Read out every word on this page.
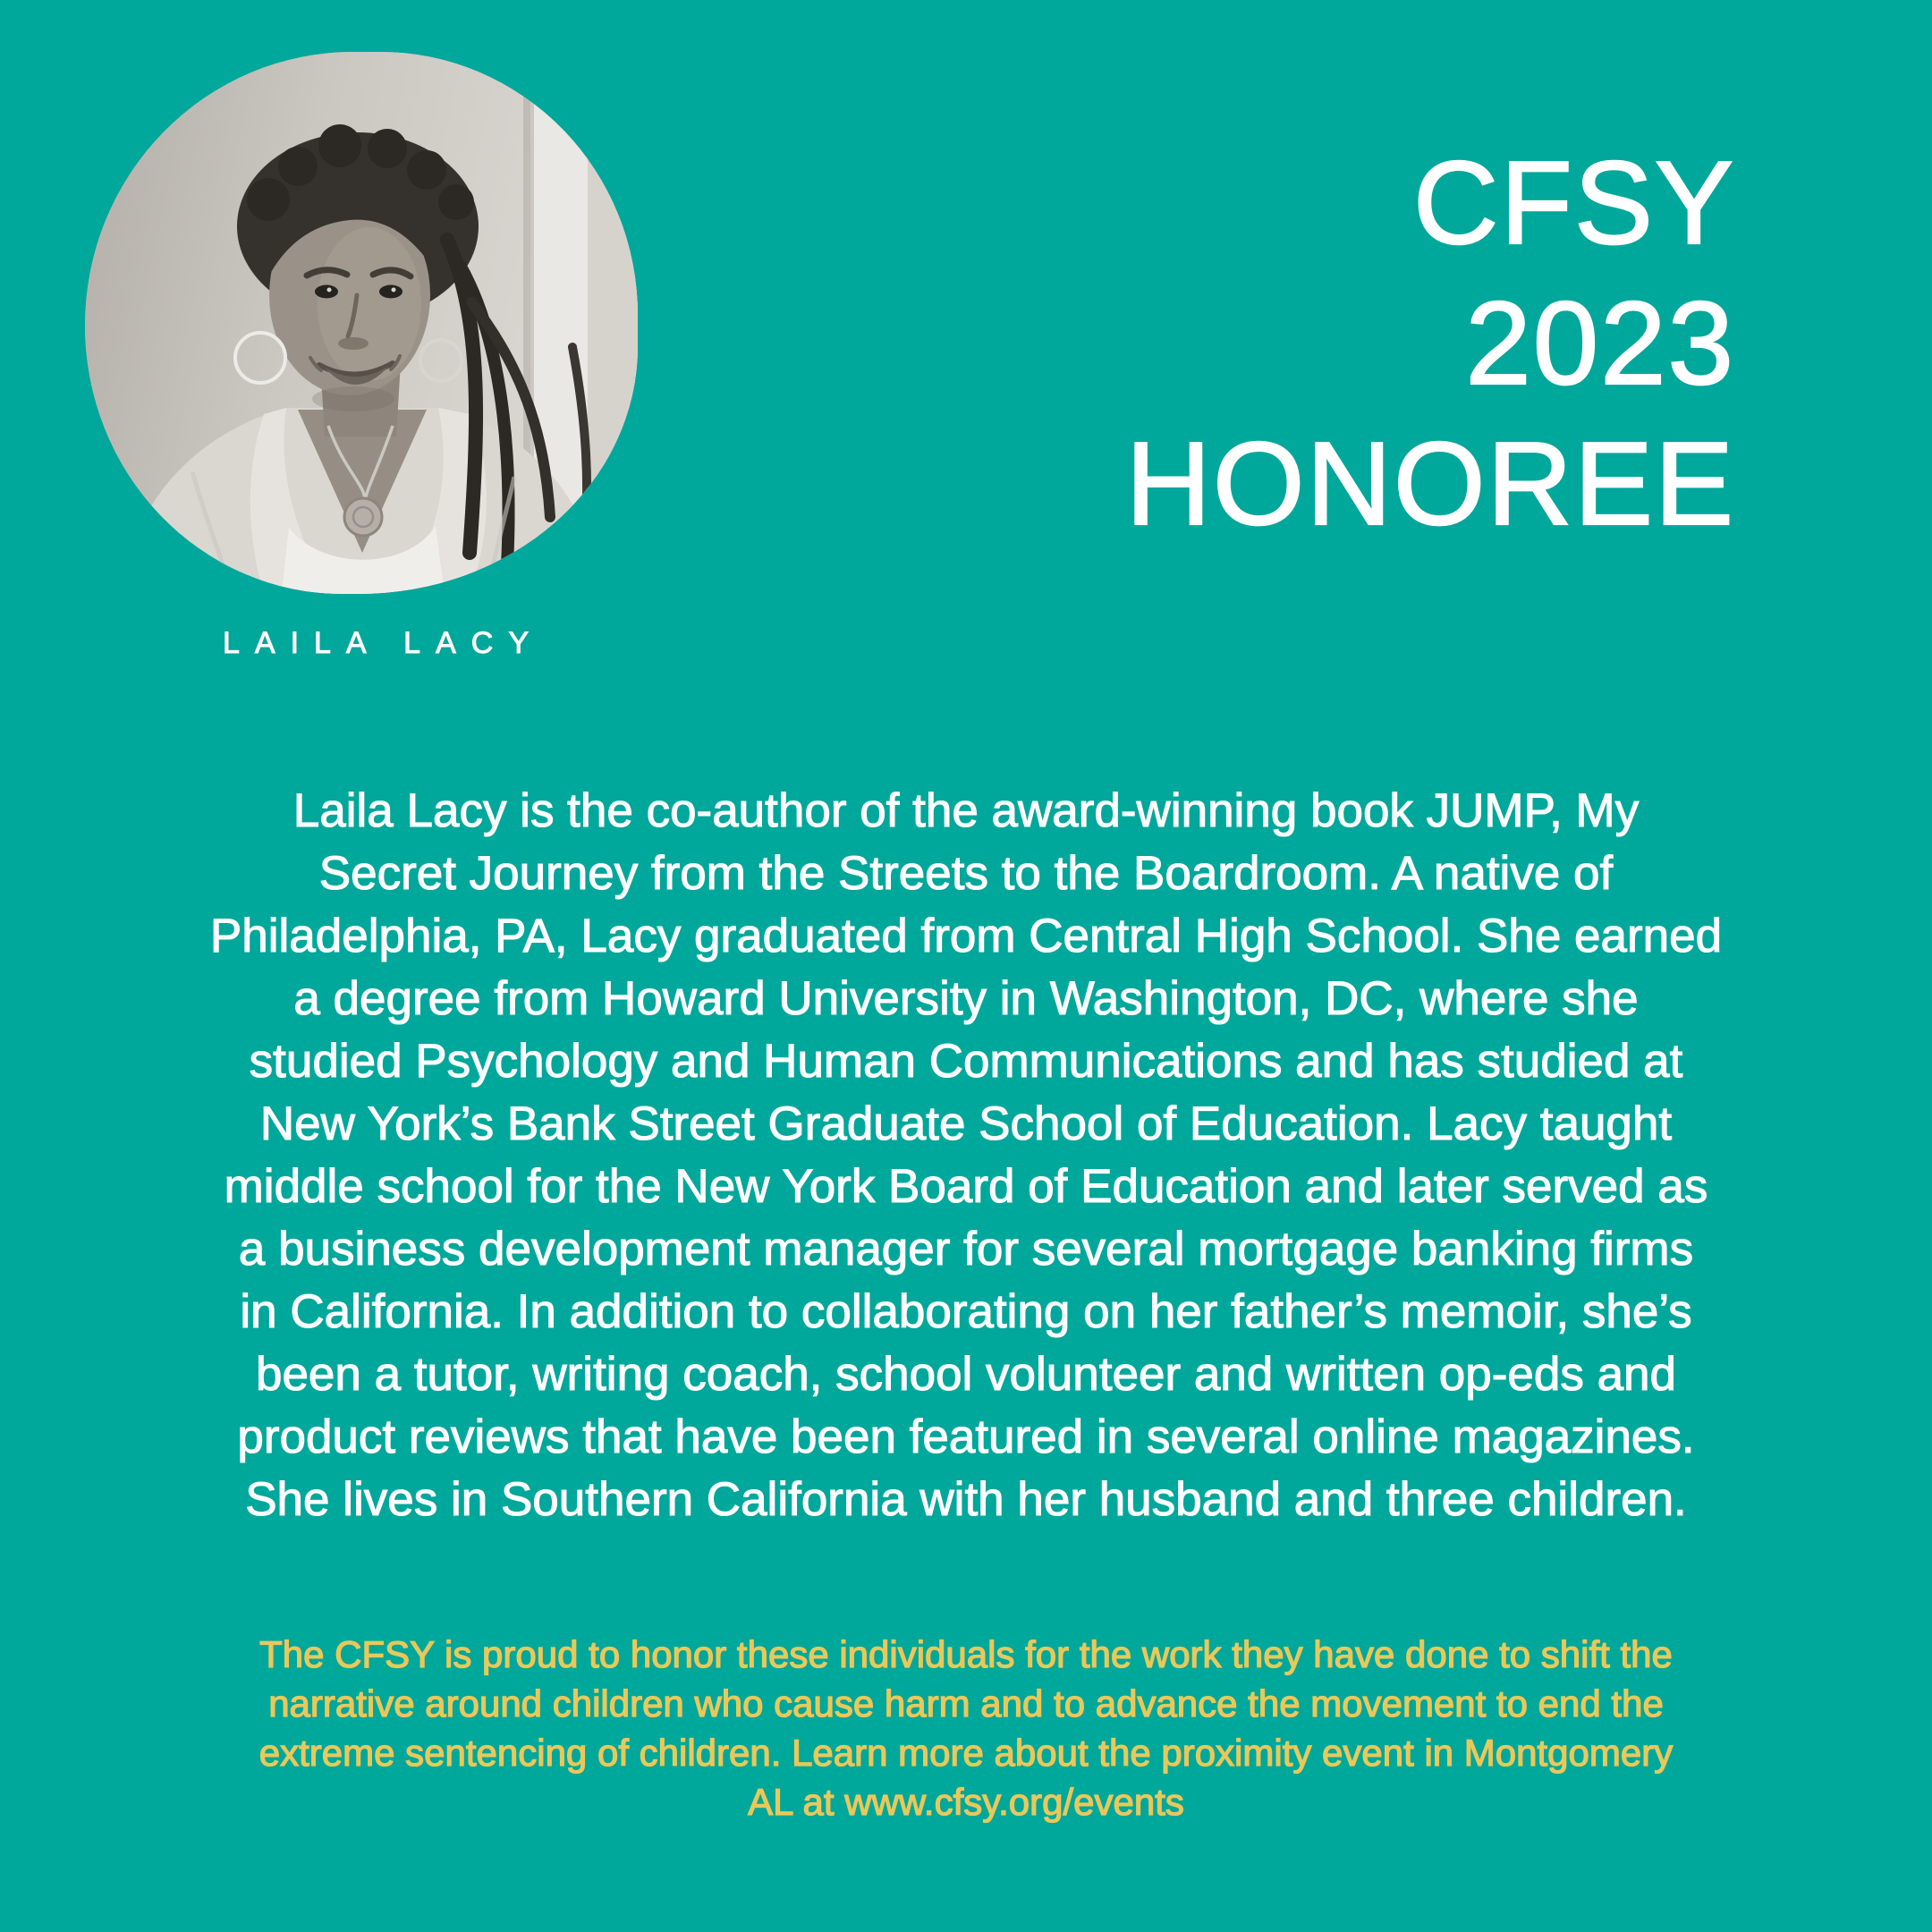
LAILA LACY
CFSY
2023
HONOREE
Laila Lacy is the co-author of the award-winning book JUMP, My
Secret Journey from the Streets to the Boardroom. A native of
Philadelphia, PA, Lacy graduated from Central High School. She earned
a degree from Howard University in Washington, DC, where she
studied Psychology and Human Communications and has studied at
New York’s Bank Street Graduate School of Education. Lacy taught
middle school for the New York Board of Education and later served as
a business development manager for several mortgage banking firms
in California. In addition to collaborating on her father’s memoir, she’s
been a tutor, writing coach, school volunteer and written op-eds and
product reviews that have been featured in several online magazines.
She lives in Southern California with her husband and three children.
The CFSY is proud to honor these individuals for the work they have done to shift the
narrative around children who cause harm and to advance the movement to end the
extreme sentencing of children. Learn more about the proximity event in Montgomery
AL at www.cfsy.org/events
